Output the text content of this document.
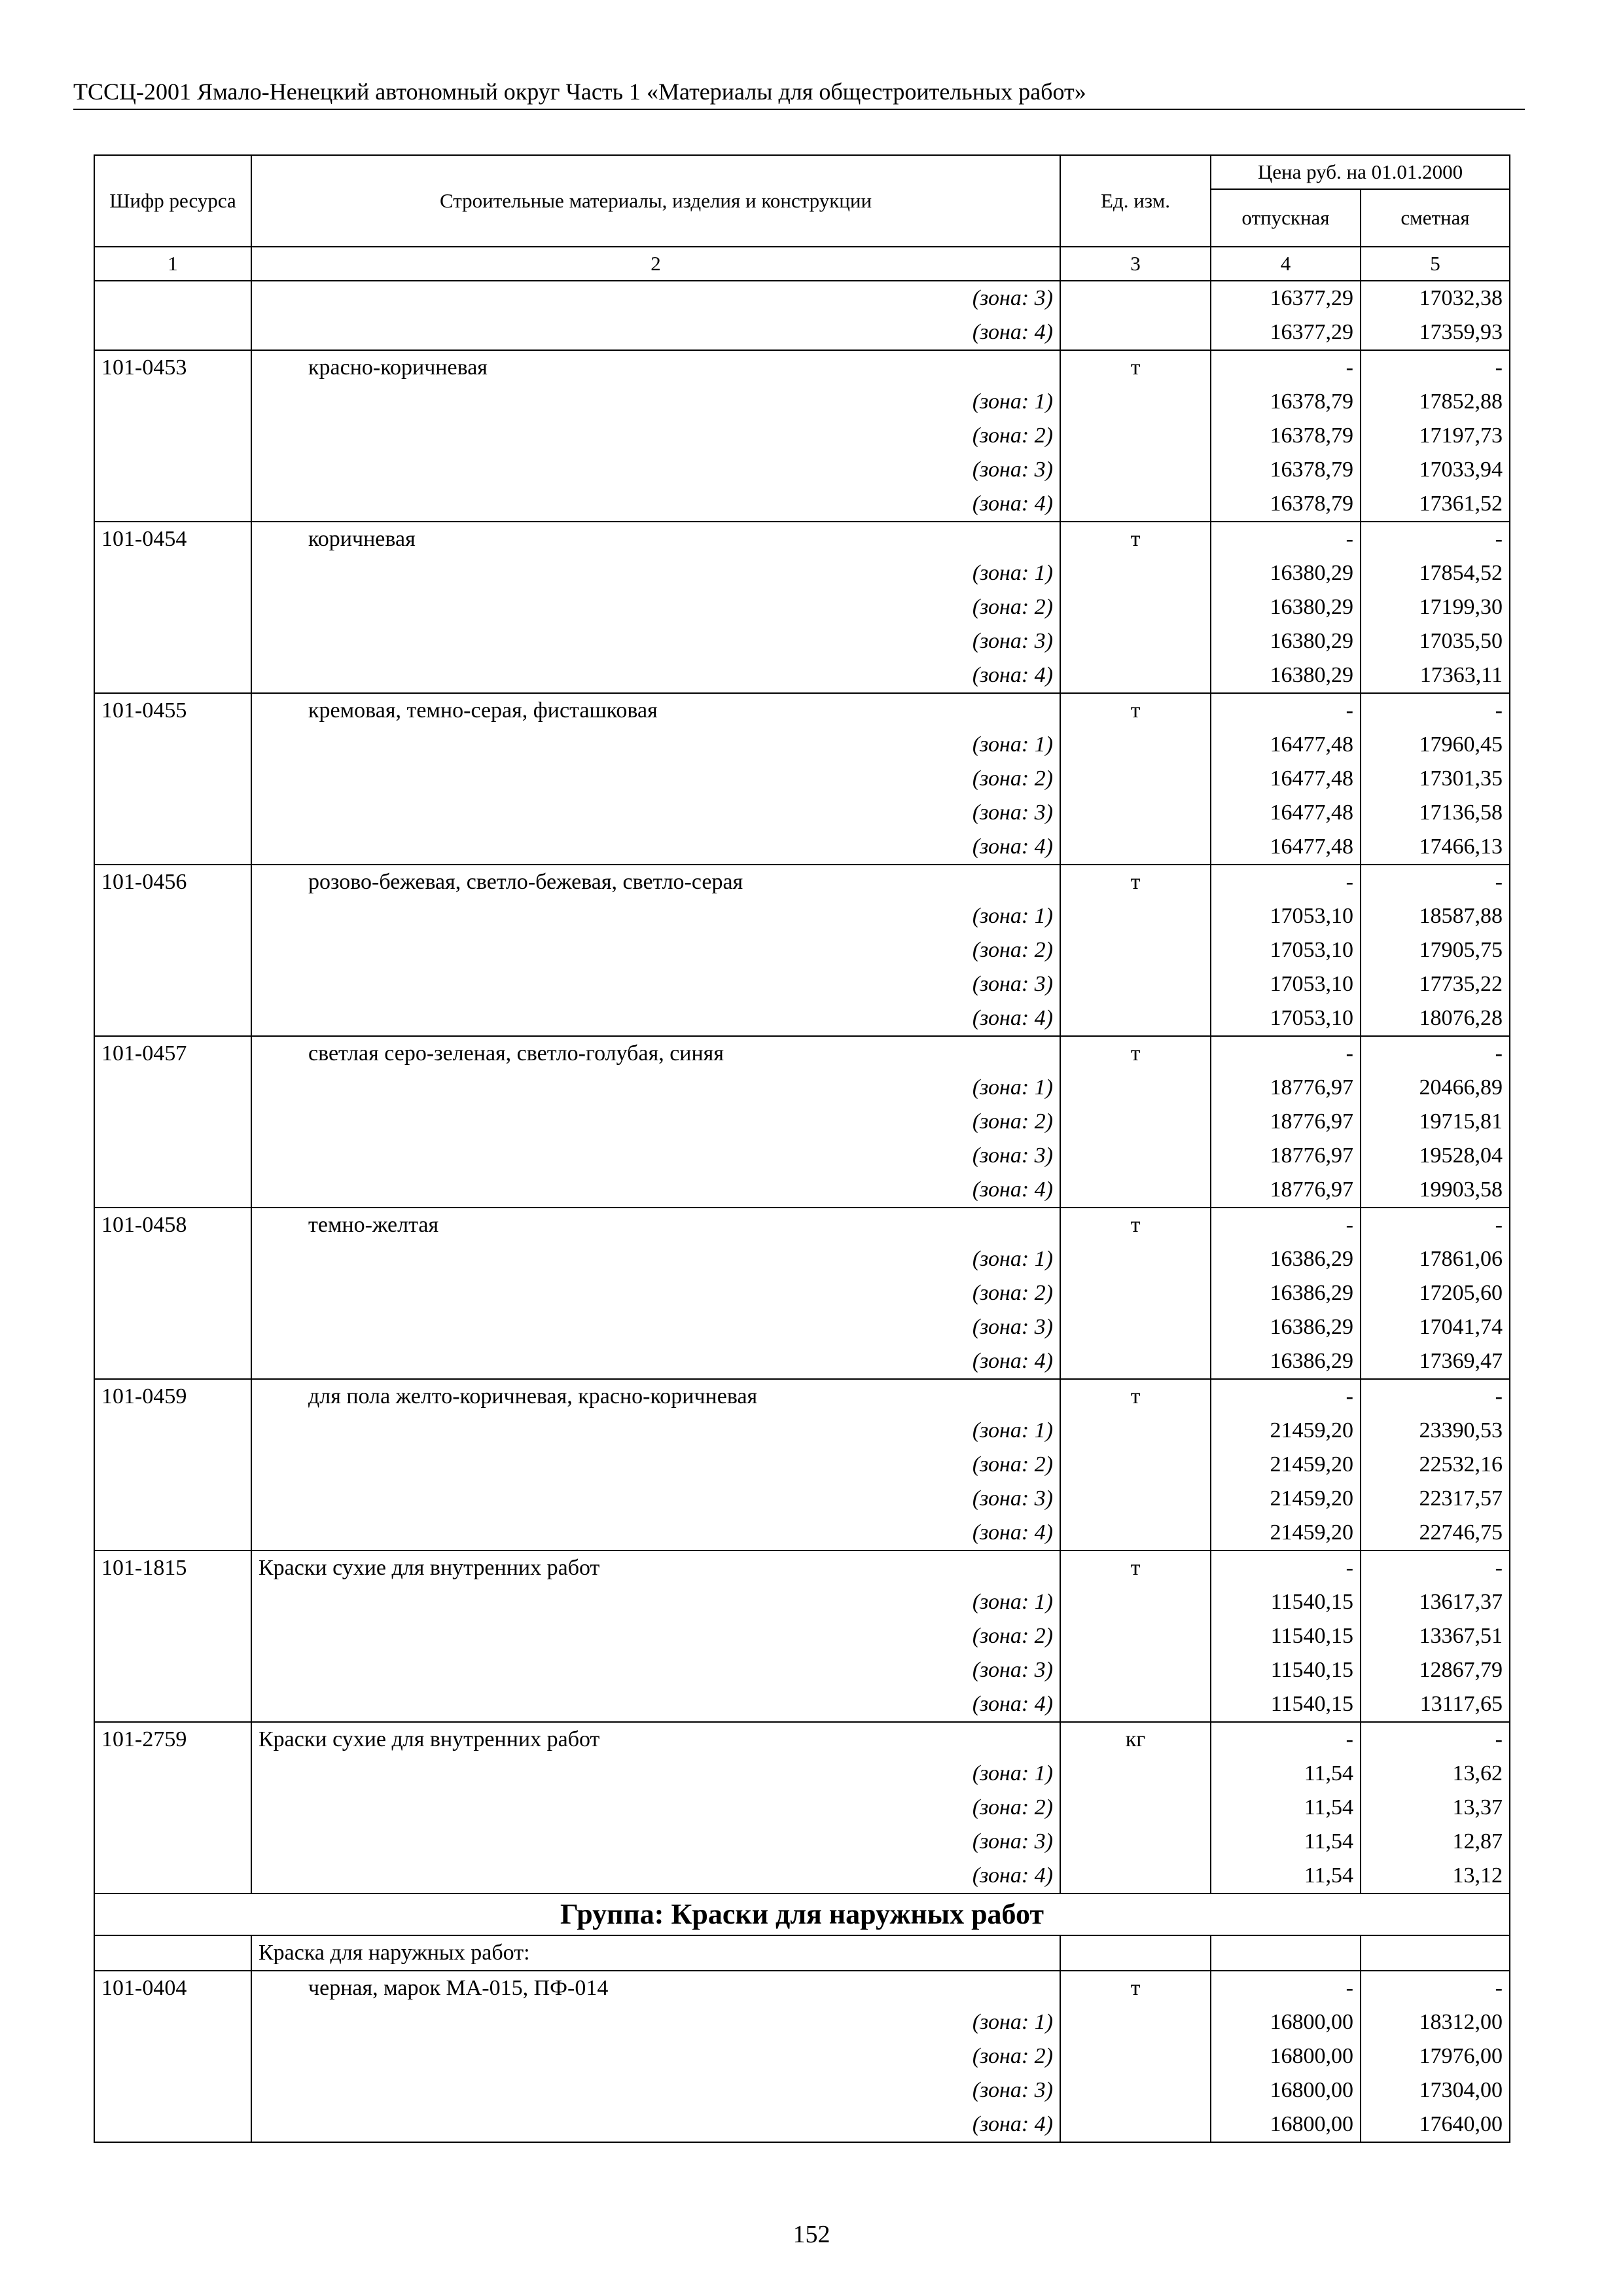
ТССЦ-2001 Ямало-Ненецкий автономный округ Часть 1 «Материалы для общестроительных работ»
Шифр ресурса	Строительные материалы, изделия и конструкции	Ед. изм.	Цена руб. на 01.01.2000	
			отпускная	сметная
1	2	3	4	5
	(зона: 3)		16377,29	17032,38
	(зона: 4)		16377,29	17359,93
101-0453	красно-коричневая	т	-	-
	(зона: 1)		16378,79	17852,88
	(зона: 2)		16378,79	17197,73
	(зона: 3)		16378,79	17033,94
	(зона: 4)		16378,79	17361,52
101-0454	коричневая	т	-	-
	(зона: 1)		16380,29	17854,52
	(зона: 2)		16380,29	17199,30
	(зона: 3)		16380,29	17035,50
	(зона: 4)		16380,29	17363,11
101-0455	кремовая, темно-серая, фисташковая	т	-	-
	(зона: 1)		16477,48	17960,45
	(зона: 2)		16477,48	17301,35
	(зона: 3)		16477,48	17136,58
	(зона: 4)		16477,48	17466,13
101-0456	розово-бежевая, светло-бежевая, светло-серая	т	-	-
	(зона: 1)		17053,10	18587,88
	(зона: 2)		17053,10	17905,75
	(зона: 3)		17053,10	17735,22
	(зона: 4)		17053,10	18076,28
101-0457	светлая серо-зеленая, светло-голубая, синяя	т	-	-
	(зона: 1)		18776,97	20466,89
	(зона: 2)		18776,97	19715,81
	(зона: 3)		18776,97	19528,04
	(зона: 4)		18776,97	19903,58
101-0458	темно-желтая	т	-	-
	(зона: 1)		16386,29	17861,06
	(зона: 2)		16386,29	17205,60
	(зона: 3)		16386,29	17041,74
	(зона: 4)		16386,29	17369,47
101-0459	для пола желто-коричневая, красно-коричневая	т	-	-
	(зона: 1)		21459,20	23390,53
	(зона: 2)		21459,20	22532,16
	(зона: 3)		21459,20	22317,57
	(зона: 4)		21459,20	22746,75
101-1815	Краски сухие для внутренних работ	т	-	-
	(зона: 1)		11540,15	13617,37
	(зона: 2)		11540,15	13367,51
	(зона: 3)		11540,15	12867,79
	(зона: 4)		11540,15	13117,65
101-2759	Краски сухие для внутренних работ	кг	-	-
	(зона: 1)		11,54	13,62
	(зона: 2)		11,54	13,37
	(зона: 3)		11,54	12,87
	(зона: 4)		11,54	13,12
Группа: Краски для наружных работ				
	Краска для наружных работ:			
101-0404	черная, марок МА-015, ПФ-014	т	-	-
	(зона: 1)		16800,00	18312,00
	(зона: 2)		16800,00	17976,00
	(зона: 3)		16800,00	17304,00
	(зона: 4)		16800,00	17640,00
152
